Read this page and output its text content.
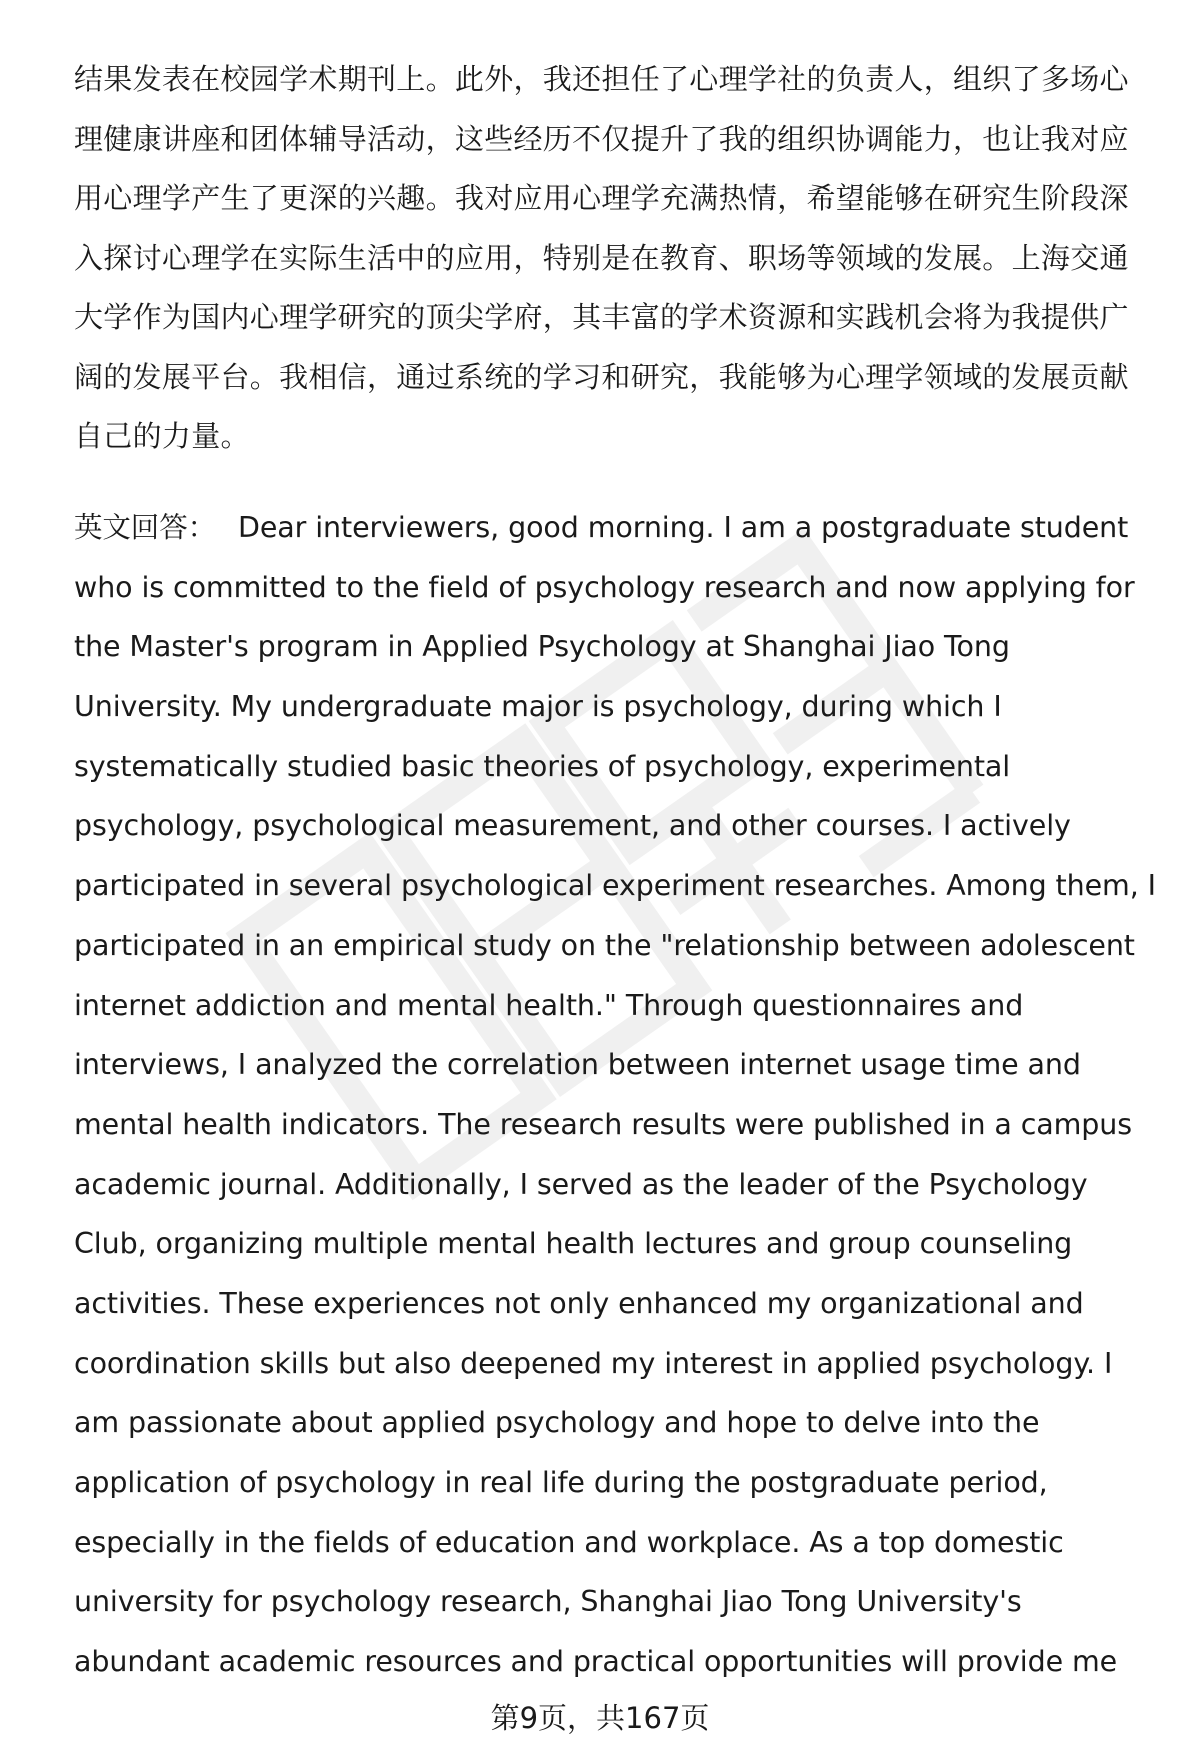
结果发表在校园学术期刊上。此外，我还担任了心理学社的负责人，组织了多场心
理健康讲座和团体辅导活动，这些经历不仅提升了我的组织协调能力，也让我对应
用心理学产生了更深的兴趣。我对应用心理学充满热情，希望能够在研究生阶段深
入探讨心理学在实际生活中的应用，特别是在教育、职场等领域的发展。上海交通
大学作为国内心理学研究的顶尖学府，其丰富的学术资源和实践机会将为我提供广
阔的发展平台。我相信，通过系统的学习和研究，我能够为心理学领域的发展贡献
自己的力量。
英文回答： Dear interviewers, good morning. I am a postgraduate student
who is committed to the field of psychology research and now applying for
the Master's program in Applied Psychology at Shanghai Jiao Tong
University. My undergraduate major is psychology, during which I
systematically studied basic theories of psychology, experimental
psychology, psychological measurement, and other courses. I actively
participated in several psychological experiment researches. Among them, I
participated in an empirical study on the "relationship between adolescent
internet addiction and mental health." Through questionnaires and
interviews, I analyzed the correlation between internet usage time and
mental health indicators. The research results were published in a campus
academic journal. Additionally, I served as the leader of the Psychology
Club, organizing multiple mental health lectures and group counseling
activities. These experiences not only enhanced my organizational and
coordination skills but also deepened my interest in applied psychology. I
am passionate about applied psychology and hope to delve into the
application of psychology in real life during the postgraduate period,
especially in the fields of education and workplace. As a top domestic
university for psychology research, Shanghai Jiao Tong University's
abundant academic resources and practical opportunities will provide me
第9页，共167页
